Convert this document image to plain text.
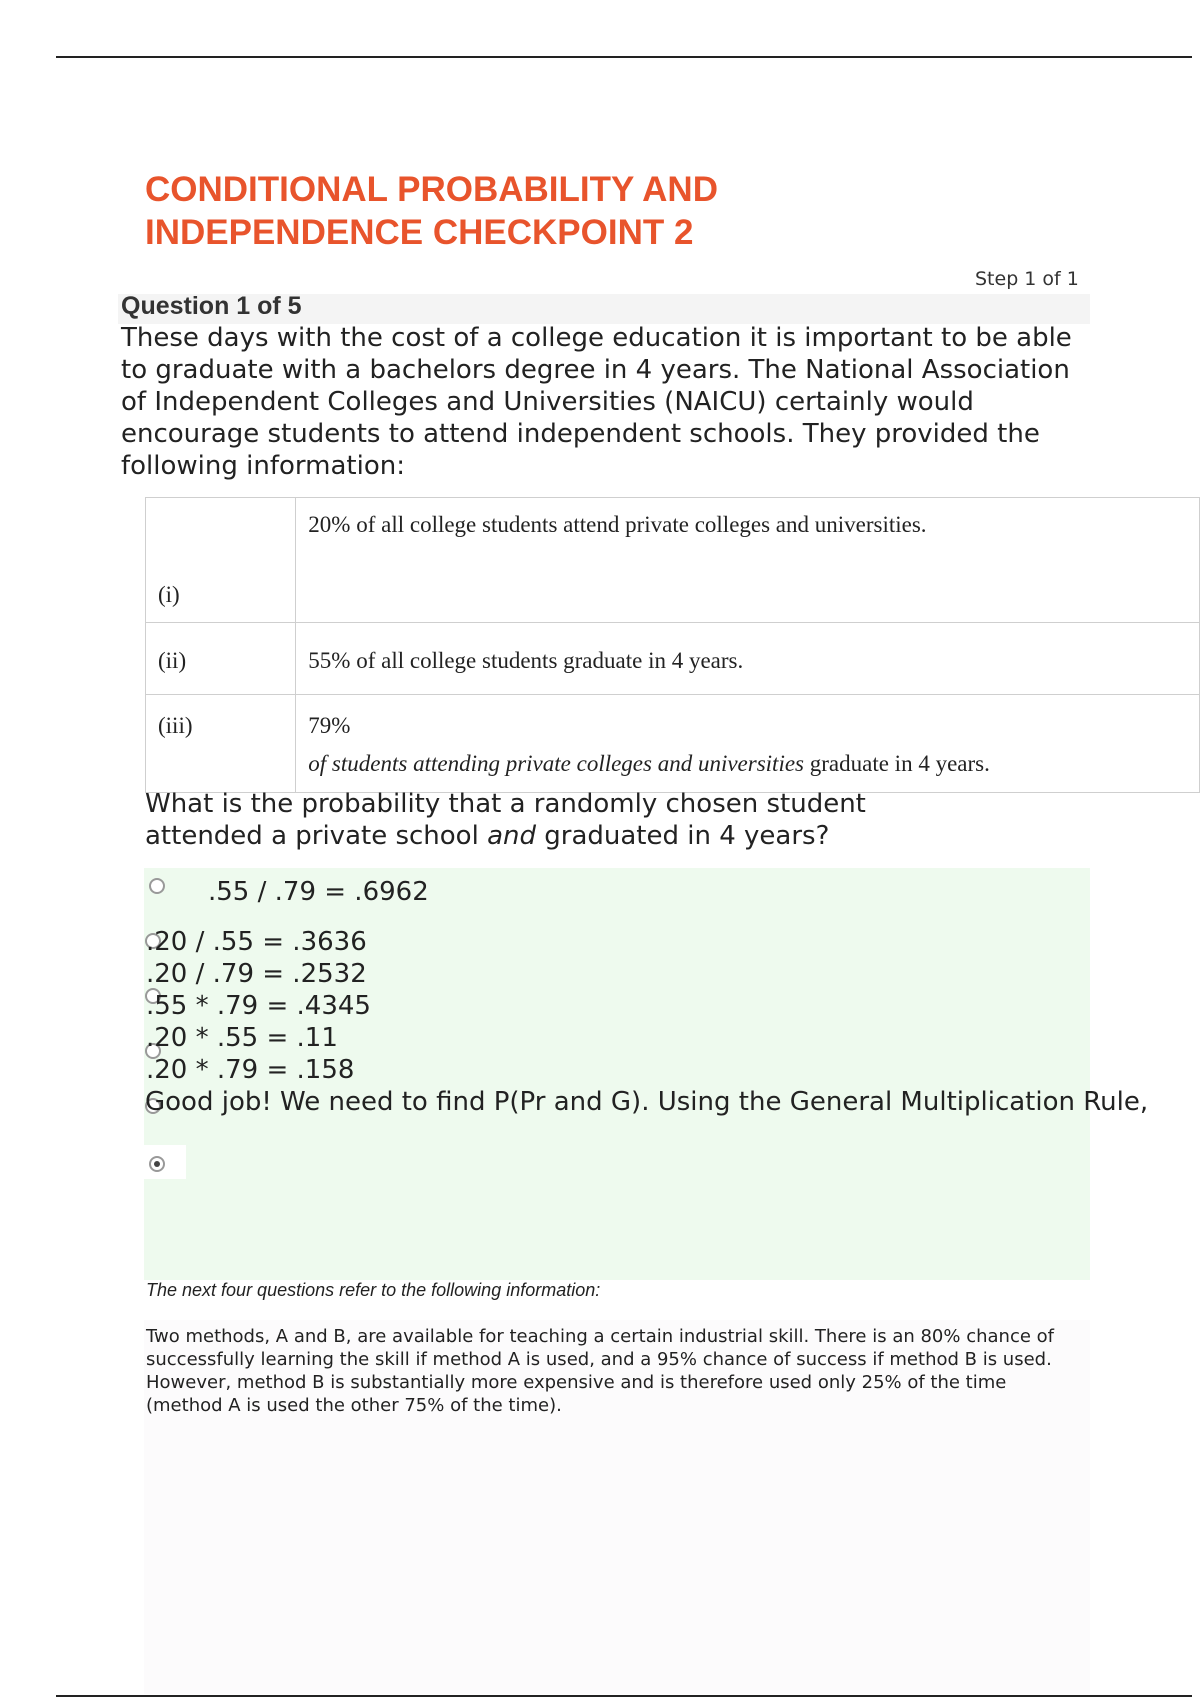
CONDITIONAL PROBABILITY AND INDEPENDENCE CHECKPOINT 2
Step 1 of 1
Question 1 of 5

These days with the cost of a college education it is important to be able to graduate with a bachelors degree in 4 years. The National Association of Independent Colleges and Universities (NAICU) certainly would encourage students to attend independent schools. They provided the following information:

(i)	20% of all college students attend private colleges and universities.
(ii)	55% of all college students graduate in 4 years.
(iii)	79%
of students attending private colleges and universities graduate in 4 years.

What is the probability that a randomly chosen student attended a private school and graduated in 4 years?

.55 / .79 = .6962
.20 / .55 = .3636
.20 / .79 = .2532
.55 * .79 = .4345
.20 * .55 = .11
.20 * .79 = .158
Good job! We need to find P(Pr and G). Using the General Multiplication Rule,
The next four questions refer to the following information:

Two methods, A and B, are available for teaching a certain industrial skill. There is an 80% chance of successfully learning the skill if method A is used, and a 95% chance of success if method B is used. However, method B is substantially more expensive and is therefore used only 25% of the time (method A is used the other 75% of the time).
